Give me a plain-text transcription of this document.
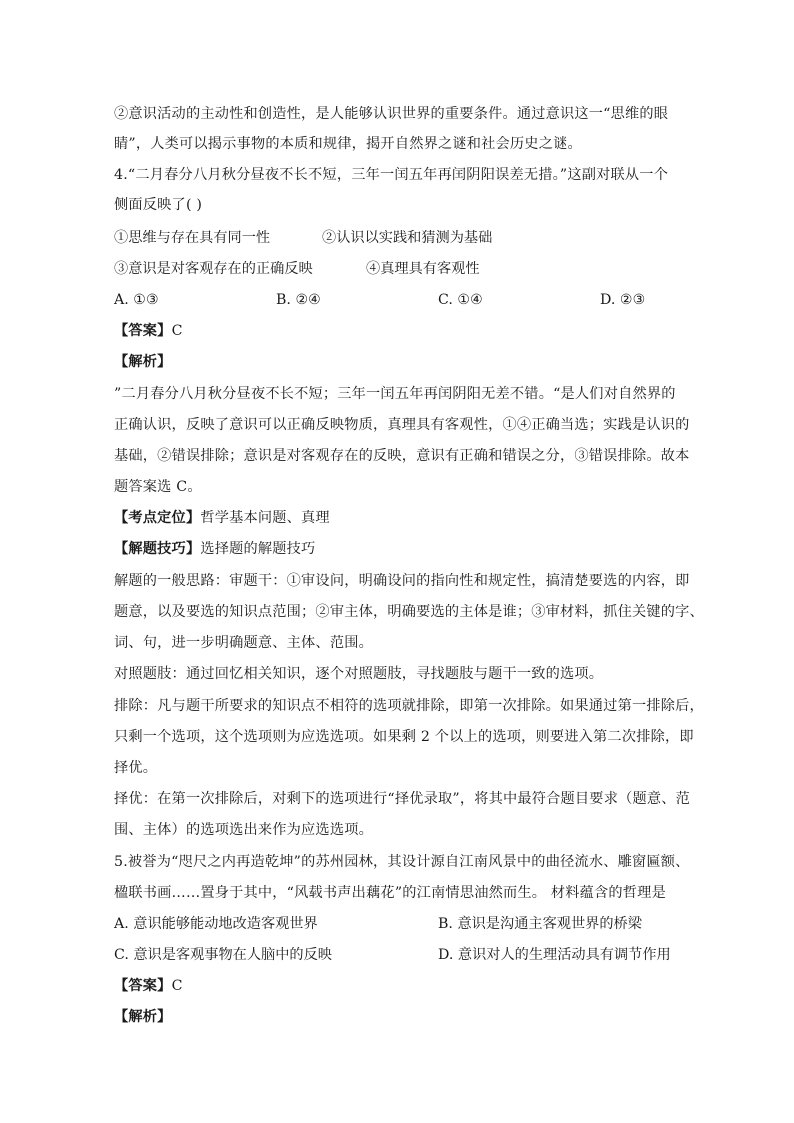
②意识活动的主动性和创造性，是人能够认识世界的重要条件。通过意识这一“思维的眼
睛”，人类可以揭示事物的本质和规律，揭开自然界之谜和社会历史之谜。
4.“二月春分八月秋分昼夜不长不短，三年一闰五年再闰阴阳误差无措。”这副对联从一个
侧面反映了( )
①思维与存在具有同一性	②认识以实践和猜测为基础
③意识是对客观存在的正确反映	④真理具有客观性
A. ①③	B. ②④	C. ①④	D. ②③
【答案】C
【解析】
”二月春分八月秋分昼夜不长不短；三年一闰五年再闰阴阳无差不错。“是人们对自然界的
正确认识，反映了意识可以正确反映物质，真理具有客观性，①④正确当选；实践是认识的
基础，②错误排除；意识是对客观存在的反映，意识有正确和错误之分，③错误排除。故本
题答案选 C。
【考点定位】哲学基本问题、真理
【解题技巧】选择题的解题技巧
解题的一般思路：审题干：①审设问，明确设问的指向性和规定性，搞清楚要选的内容，即
题意，以及要选的知识点范围；②审主体，明确要选的主体是谁；③审材料，抓住关键的字、
词、句，进一步明确题意、主体、范围。
对照题肢：通过回忆相关知识，逐个对照题肢，寻找题肢与题干一致的选项。
排除：凡与题干所要求的知识点不相符的选项就排除，即第一次排除。如果通过第一排除后，
只剩一个选项，这个选项则为应选选项。如果剩 2 个以上的选项，则要进入第二次排除，即
择优。
择优：在第一次排除后，对剩下的选项进行“择优录取”，将其中最符合题目要求（题意、范
围、主体）的选项选出来作为应选选项。
5.被誉为“咫尺之内再造乾坤”的苏州园林，其设计源自江南风景中的曲径流水、雕窗匾额、
楹联书画……置身于其中，“风载书声出藕花”的江南情思油然而生。 材料蕴含的哲理是
A. 意识能够能动地改造客观世界	B. 意识是沟通主客观世界的桥梁
C. 意识是客观事物在人脑中的反映	D. 意识对人的生理活动具有调节作用
【答案】C
【解析】
